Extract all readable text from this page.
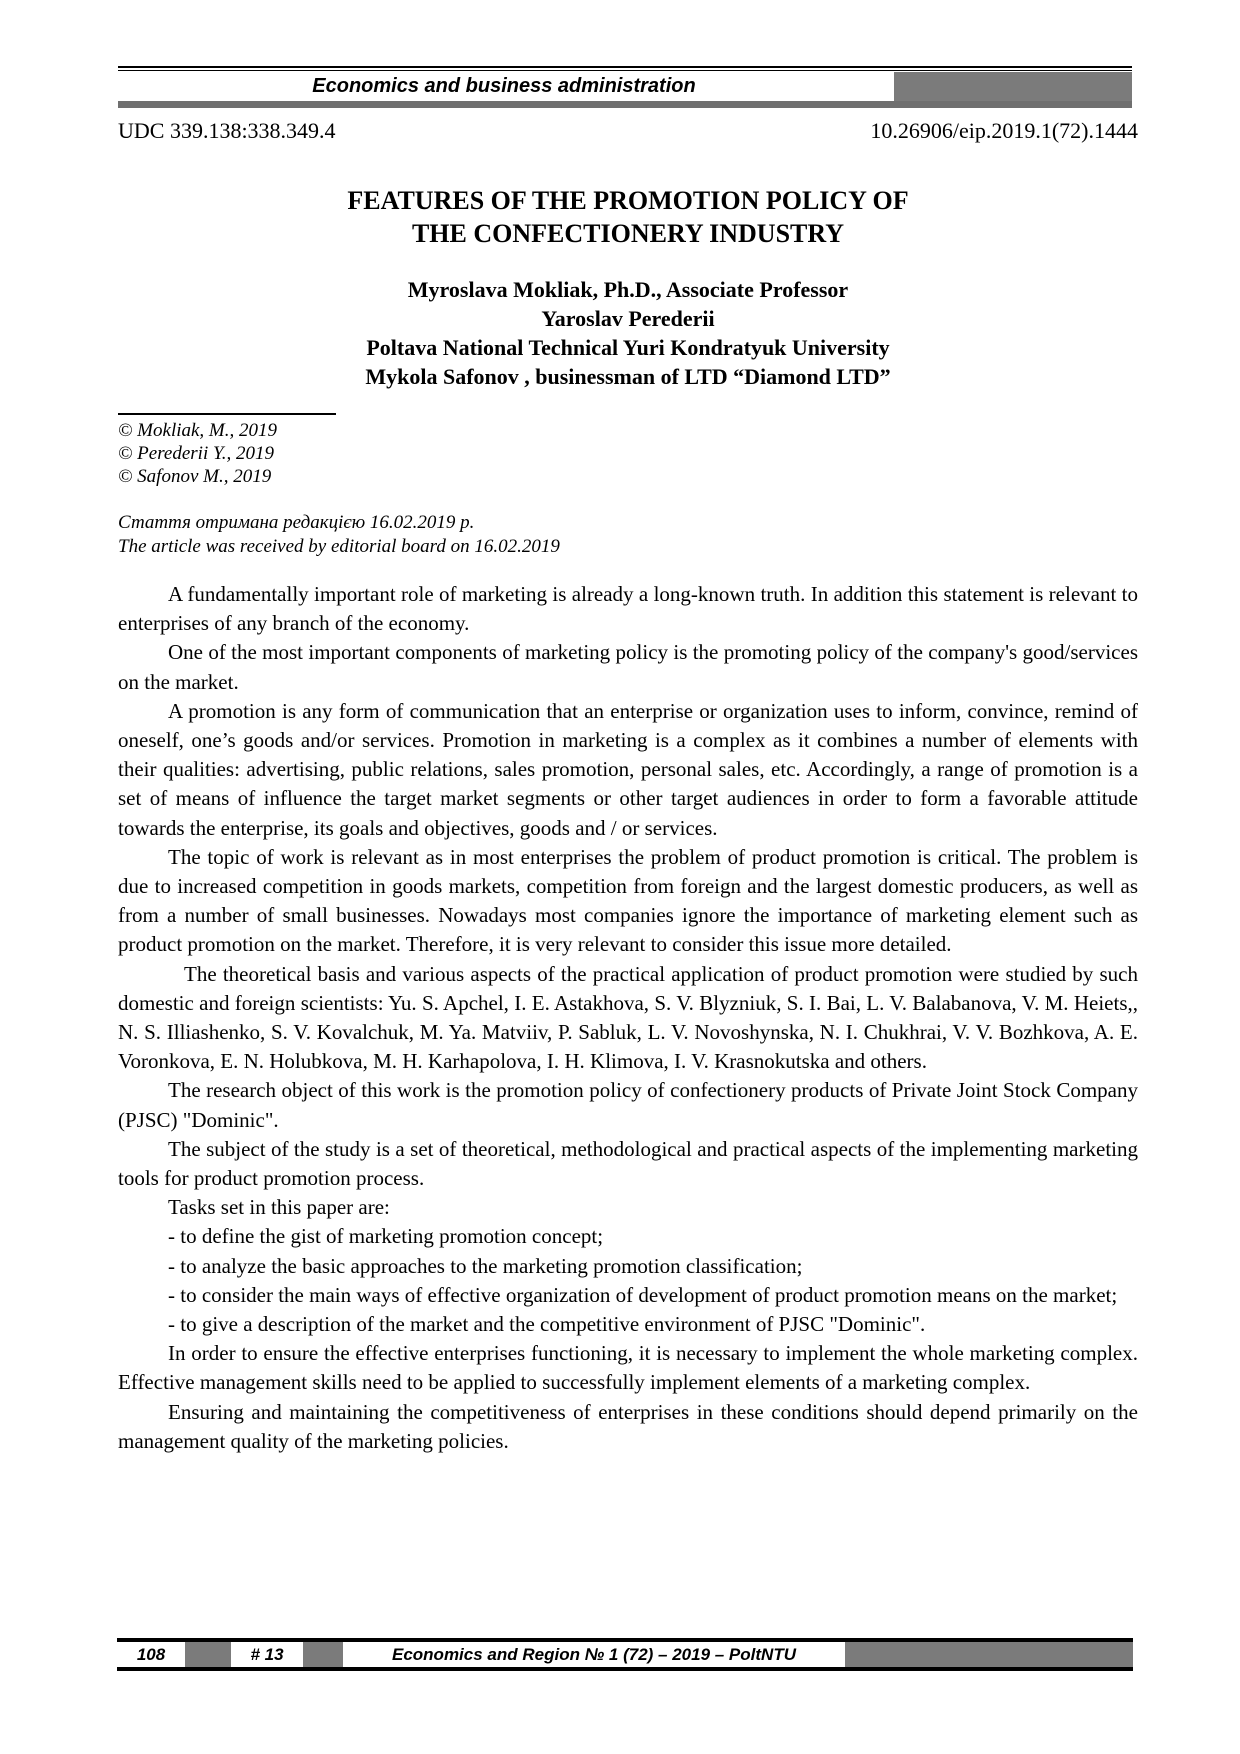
Economics and business administration
UDC 339.138:338.349.4	10.26906/eip.2019.1(72).1444
FEATURES OF THE PROMOTION POLICY OF
THE CONFECTIONERY INDUSTRY
Myroslava Mokliak, Ph.D., Associate Professor
Yaroslav Perederii
Poltava National Technical Yuri Kondratyuk University
Mykola Safonov , businessman of LTD “Diamond LTD”
© Mokliak, M., 2019
© Perederii Y., 2019
© Safonov M., 2019
Стаття отримана редакцією 16.02.2019 р.
The article was received by editorial board on 16.02.2019

A fundamentally important role of marketing is already a long-known truth. In addition this statement is relevant to enterprises of any branch of the economy.

One of the most important components of marketing policy is the promoting policy of the company's good/services on the market.

A promotion is any form of communication that an enterprise or organization uses to inform, convince, remind of oneself, one’s goods and/or services. Promotion in marketing is a complex as it combines a number of elements with their qualities: advertising, public relations, sales promotion, personal sales, etc. Accordingly, a range of promotion is a set of means of influence the target market segments or other target audiences in order to form a favorable attitude towards the enterprise, its goals and objectives, goods and / or services.

The topic of work is relevant as in most enterprises the problem of product promotion is critical. The problem is due to increased competition in goods markets, competition from foreign and the largest domestic producers, as well as from a number of small businesses. Nowadays most companies ignore the importance of marketing element such as product promotion on the market. Therefore, it is very relevant to consider this issue more detailed.

The theoretical basis and various aspects of the practical application of product promotion were studied by such domestic and foreign scientists: Yu. S. Apchel, I. E. Astakhova, S. V. Blyzniuk, S. I. Bai, L. V. Balabanova, V. M. Heiets,, N. S. Illiashenko, S. V. Kovalchuk, M. Ya. Matviiv, P. Sabluk, L. V. Novoshynska, N. I. Chukhrai, V. V. Bozhkova, A. E. Voronkova, E. N. Holubkova, M. H. Karhapolova, I. H. Klimova, I. V. Krasnokutska and others.

The research object of this work is the promotion policy of confectionery products of Private Joint Stock Company (PJSC) "Dominic".

The subject of the study is a set of theoretical, methodological and practical aspects of the implementing marketing tools for product promotion process.

Tasks set in this paper are:

- to define the gist of marketing promotion concept;

- to analyze the basic approaches to the marketing promotion classification;

- to consider the main ways of effective organization of development of product promotion means on the market;

- to give a description of the market and the competitive environment of PJSC "Dominic".

In order to ensure the effective enterprises functioning, it is necessary to implement the whole marketing complex. Effective management skills need to be applied to successfully implement elements of a marketing complex.

Ensuring and maintaining the competitiveness of enterprises in these conditions should depend primarily on the management quality of the marketing policies.

108	# 13	Economics and Region № 1 (72) – 2019 – PoltNTU
